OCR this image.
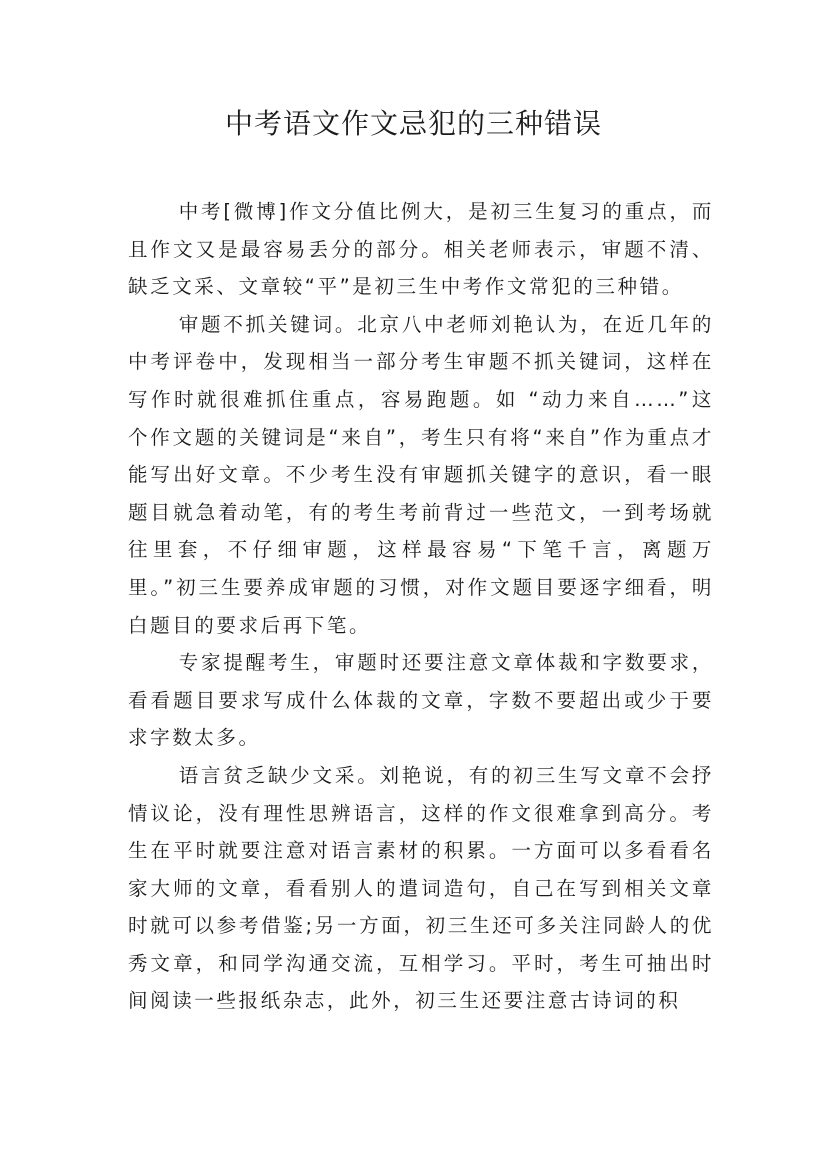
中考语文作文忌犯的三种错误

中考[微博]作文分值比例大，是初三生复习的重点，而且作文又是最容易丢分的部分。相关老师表示，审题不清、缺乏文采、文章较“平”是初三生中考作文常犯的三种错。

审题不抓关键词。北京八中老师刘艳认为，在近几年的中考评卷中，发现相当一部分考生审题不抓关键词，这样在写作时就很难抓住重点，容易跑题。如 “动力来自……”这个作文题的关键词是“来自”，考生只有将“来自”作为重点才能写出好文章。不少考生没有审题抓关键字的意识，看一眼题目就急着动笔，有的考生考前背过一些范文，一到考场就往里套，不仔细审题，这样最容易“下笔千言，离题万里。”初三生要养成审题的习惯，对作文题目要逐字细看，明白题目的要求后再下笔。

专家提醒考生，审题时还要注意文章体裁和字数要求，看看题目要求写成什么体裁的文章，字数不要超出或少于要求字数太多。

语言贫乏缺少文采。刘艳说，有的初三生写文章不会抒情议论，没有理性思辨语言，这样的作文很难拿到高分。考生在平时就要注意对语言素材的积累。一方面可以多看看名家大师的文章，看看别人的遣词造句，自己在写到相关文章时就可以参考借鉴;另一方面，初三生还可多关注同龄人的优秀文章，和同学沟通交流，互相学习。平时，考生可抽出时间阅读一些报纸杂志，此外，初三生还要注意古诗词的积
